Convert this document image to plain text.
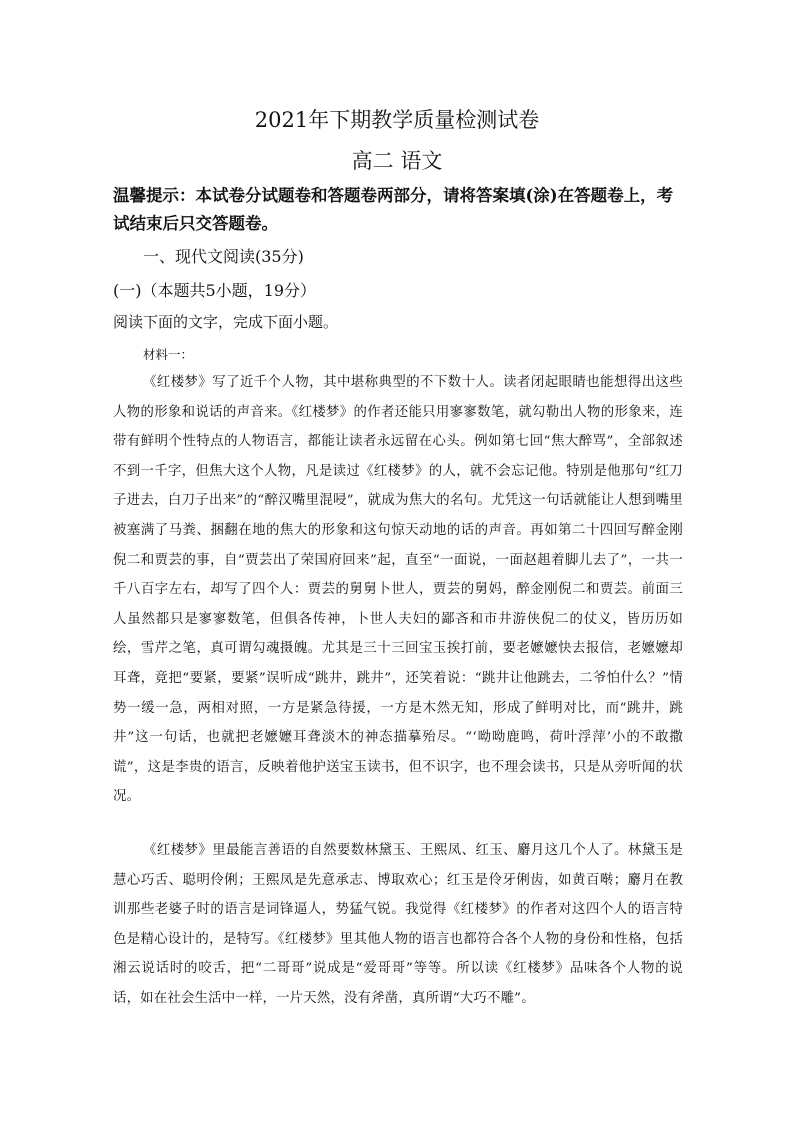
2021年下期教学质量检测试卷
高二 语文
温馨提示：本试卷分试题卷和答题卷两部分，请将答案填(涂)在答题卷上，考试结束后只交答题卷。
一、现代文阅读(35分)
(一)（本题共5小题，19分）
阅读下面的文字，完成下面小题。
材料一：
《红楼梦》写了近千个人物，其中堪称典型的不下数十人。读者闭起眼睛也能想得出这些人物的形象和说话的声音来。《红楼梦》的作者还能只用寥寥数笔，就勾勒出人物的形象来，连带有鲜明个性特点的人物语言，都能让读者永远留在心头。例如第七回“焦大醉骂”，全部叙述不到一千字，但焦大这个人物，凡是读过《红楼梦》的人，就不会忘记他。特别是他那句“红刀子进去，白刀子出来”的“醉汉嘴里混唚”，就成为焦大的名句。尤凭这一句话就能让人想到嘴里被塞满了马粪、捆翻在地的焦大的形象和这句惊天动地的话的声音。再如第二十四回写醉金刚倪二和贾芸的事，自“贾芸出了荣国府回来”起，直至“一面说，一面赵趄着脚儿去了”，一共一千八百字左右，却写了四个人：贾芸的舅舅卜世人，贾芸的舅妈，醉金刚倪二和贾芸。前面三人虽然都只是寥寥数笔，但俱各传神，卜世人夫妇的鄙吝和市井游侠倪二的仗义，皆历历如绘，雪芹之笔，真可谓勾魂摄魄。尤其是三十三回宝玉挨打前，要老嬷嬷快去报信，老嬷嬷却耳聋，竟把“要紧，要紧”误听成“跳井，跳井”，还笑着说：“跳井让他跳去，二爷怕什么？”情势一缓一急，两相对照，一方是紧急待援，一方是木然无知，形成了鲜明对比，而“跳井，跳井”这一句话，也就把老嬷嬷耳聋淡木的神态描摹殆尽。“‘呦呦鹿鸣，荷叶浮萍’小的不敢撒谎”，这是李贵的语言，反映着他护送宝玉读书，但不识字，也不理会读书，只是从旁听闻的状况。
《红楼梦》里最能言善语的自然要数林黛玉、王熙凤、红玉、麝月这几个人了。林黛玉是慧心巧舌、聪明伶俐；王熙凤是先意承志、博取欢心；红玉是伶牙俐齿，如黄百啭；麝月在教训那些老婆子时的语言是词锋逼人，势猛气锐。我觉得《红楼梦》的作者对这四个人的语言特色是精心设计的，是特写。《红楼梦》里其他人物的语言也都符合各个人物的身份和性格，包括湘云说话时的咬舌，把“二哥哥”说成是“爱哥哥”等等。所以读《红楼梦》品味各个人物的说话，如在社会生活中一样，一片天然，没有斧凿，真所谓“大巧不雕”。
